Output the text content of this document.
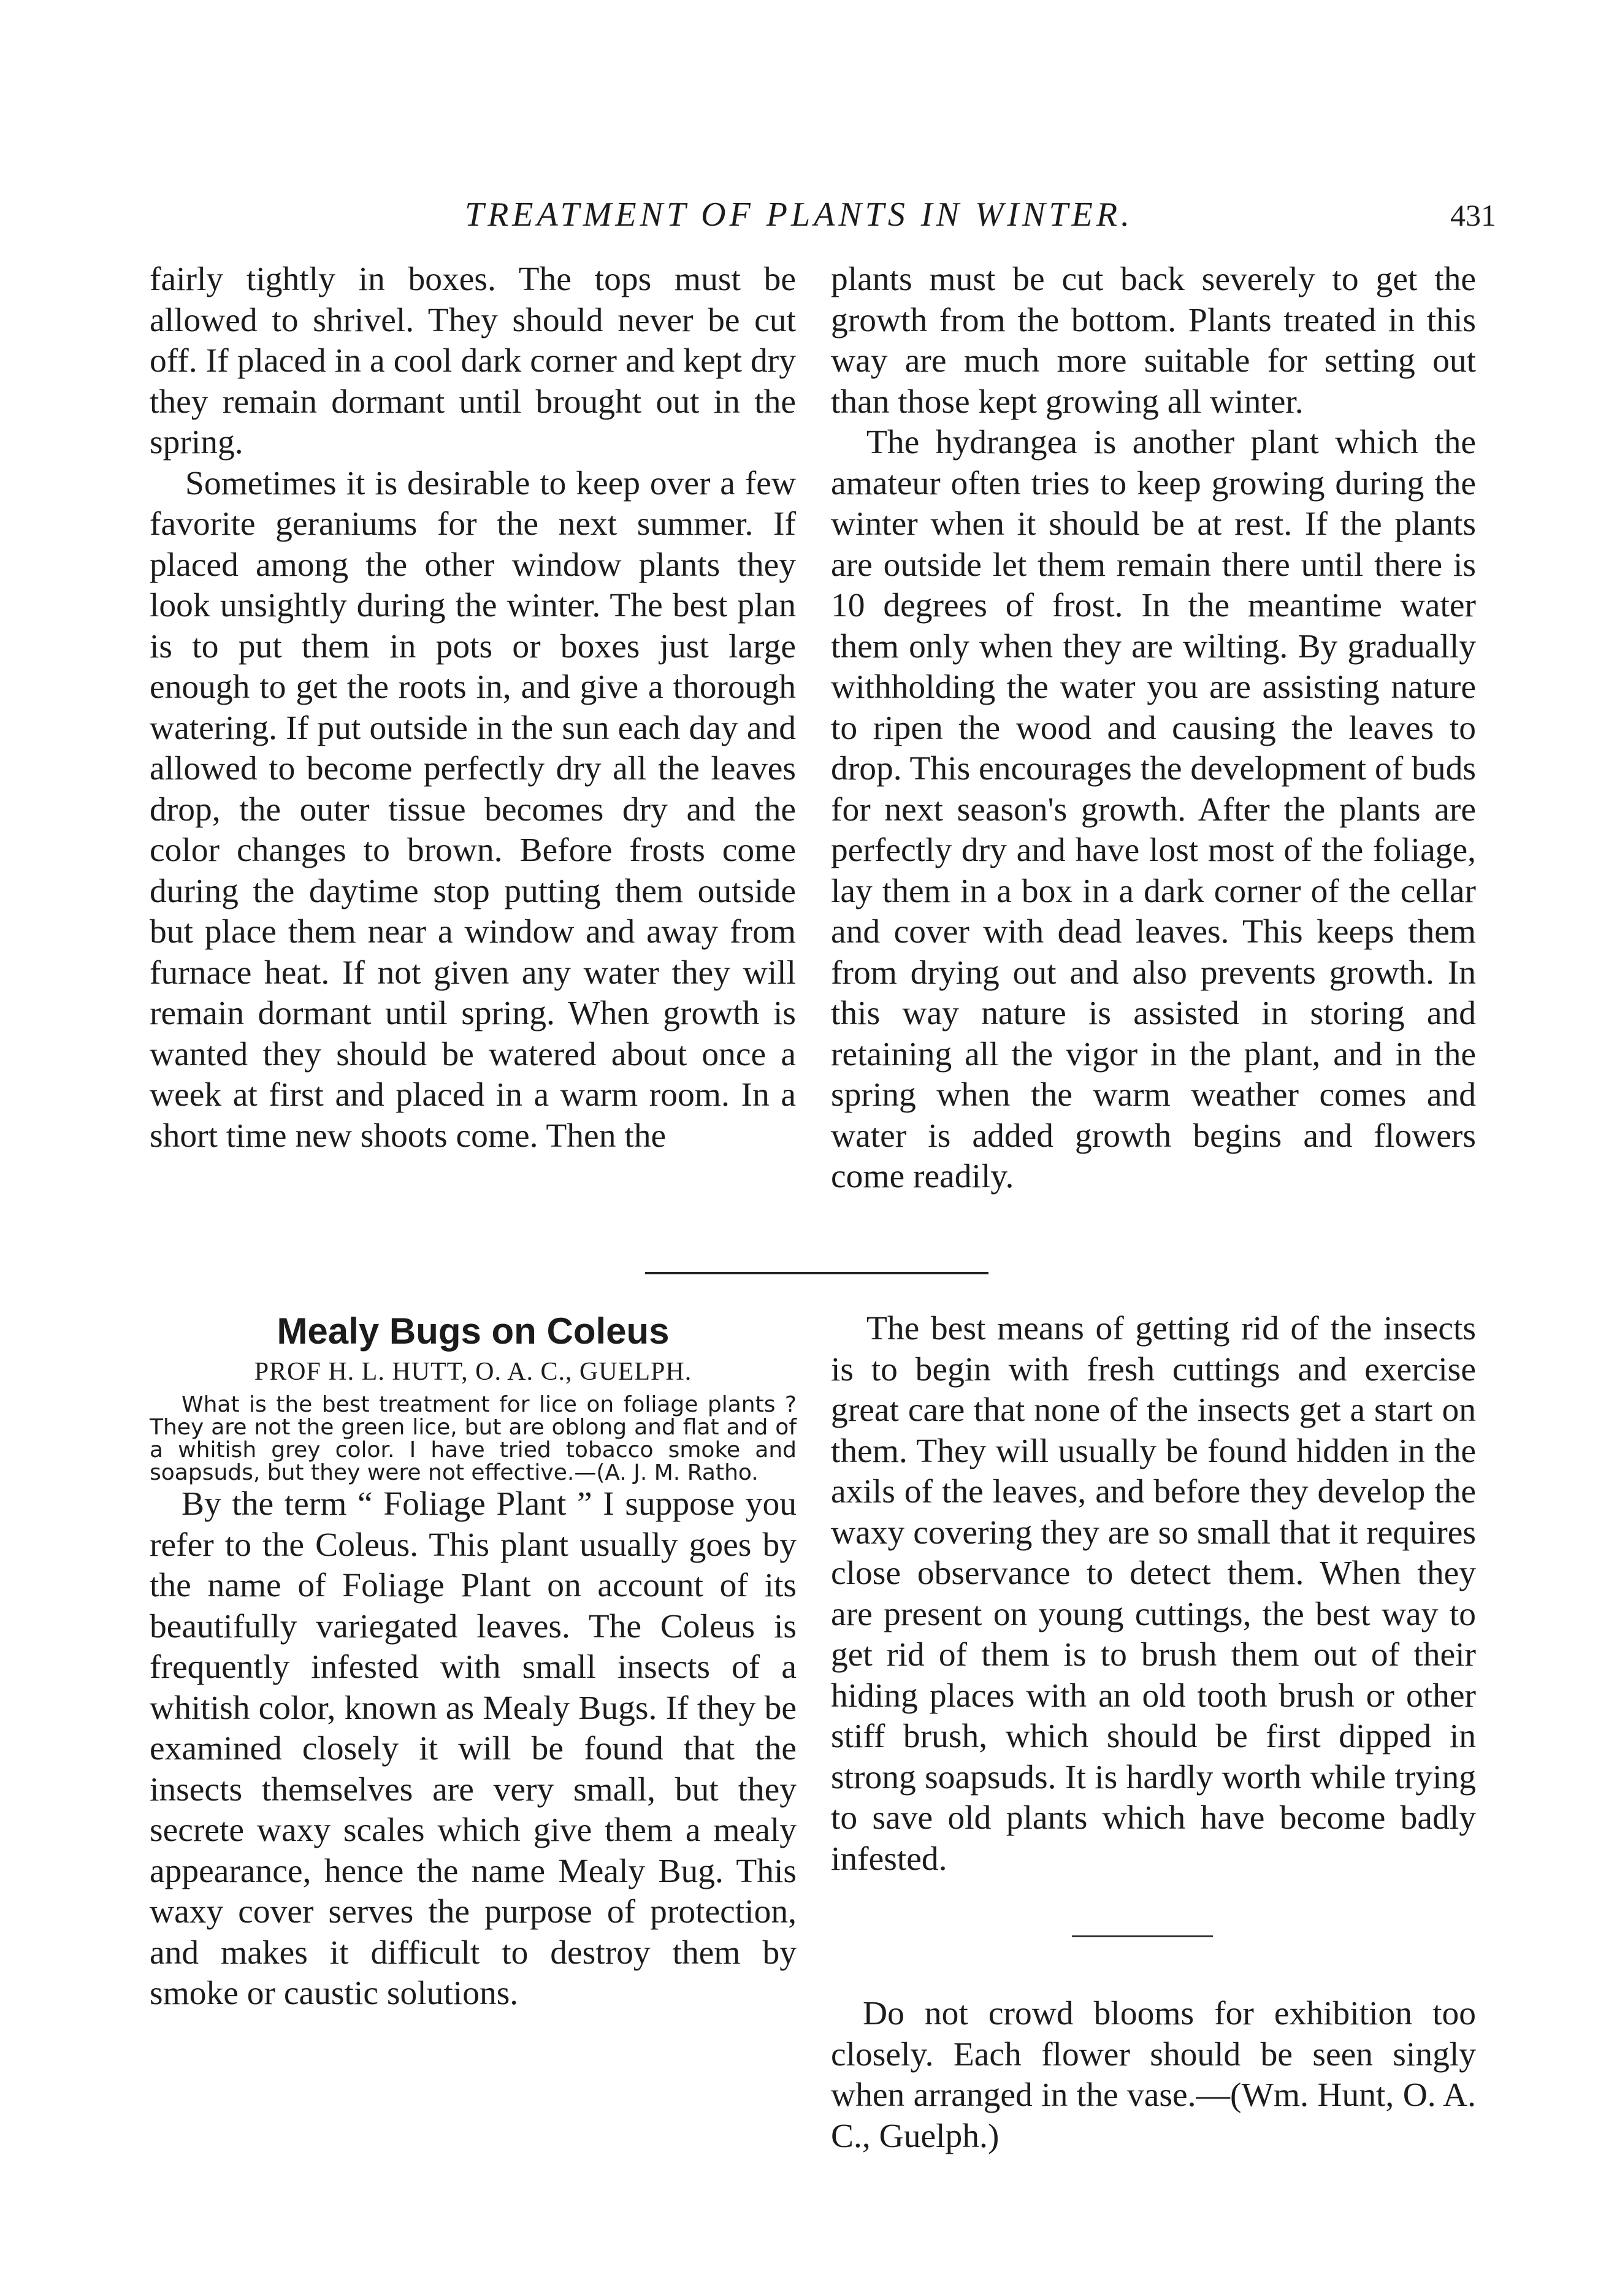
TREATMENT OF PLANTS IN WINTER.	431

fairly tightly in boxes. The tops must be allowed to shrivel. They should never be cut off. If placed in a cool dark corner and kept dry they remain dormant until brought out in the spring.

Sometimes it is desirable to keep over a few favorite geraniums for the next summer. If placed among the other window plants they look unsightly during the winter. The best plan is to put them in pots or boxes just large enough to get the roots in, and give a thorough watering. If put outside in the sun each day and allowed to become perfectly dry all the leaves drop, the outer tissue becomes dry and the color changes to brown. Before frosts come during the daytime stop putting them outside but place them near a window and away from furnace heat. If not given any water they will remain dormant until spring. When growth is wanted they should be watered about once a week at first and placed in a warm room. In a short time new shoots come. Then the

plants must be cut back severely to get the growth from the bottom. Plants treated in this way are much more suitable for setting out than those kept growing all winter.

The hydrangea is another plant which the amateur often tries to keep growing during the winter when it should be at rest. If the plants are outside let them remain there until there is 10 degrees of frost. In the meantime water them only when they are wilting. By gradually withholding the water you are assisting nature to ripen the wood and causing the leaves to drop. This encourages the development of buds for next season's growth. After the plants are perfectly dry and have lost most of the foliage, lay them in a box in a dark corner of the cellar and cover with dead leaves. This keeps them from drying out and also prevents growth. In this way nature is assisted in storing and retaining all the vigor in the plant, and in the spring when the warm weather comes and water is added growth begins and flowers come readily.

Mealy Bugs on Coleus
PROF H. L. HUTT, O. A. C., GUELPH.

What is the best treatment for lice on foliage plants ? They are not the green lice, but are oblong and flat and of a whitish grey color. I have tried tobacco smoke and soapsuds, but they were not effective.—(A. J. M. Ratho.

By the term “ Foliage Plant ” I suppose you refer to the Coleus. This plant usually goes by the name of Foliage Plant on account of its beautifully variegated leaves. The Coleus is frequently infested with small insects of a whitish color, known as Mealy Bugs. If they be examined closely it will be found that the insects themselves are very small, but they secrete waxy scales which give them a mealy appearance, hence the name Mealy Bug. This waxy cover serves the purpose of protection, and makes it difficult to destroy them by smoke or caustic solutions.

The best means of getting rid of the insects is to begin with fresh cuttings and exercise great care that none of the insects get a start on them. They will usually be found hidden in the axils of the leaves, and before they develop the waxy covering they are so small that it requires close observance to detect them. When they are present on young cuttings, the best way to get rid of them is to brush them out of their hiding places with an old tooth brush or other stiff brush, which should be first dipped in strong soapsuds. It is hardly worth while trying to save old plants which have become badly infested.

Do not crowd blooms for exhibition too closely. Each flower should be seen singly when arranged in the vase.—(Wm. Hunt, O. A. C., Guelph.)
